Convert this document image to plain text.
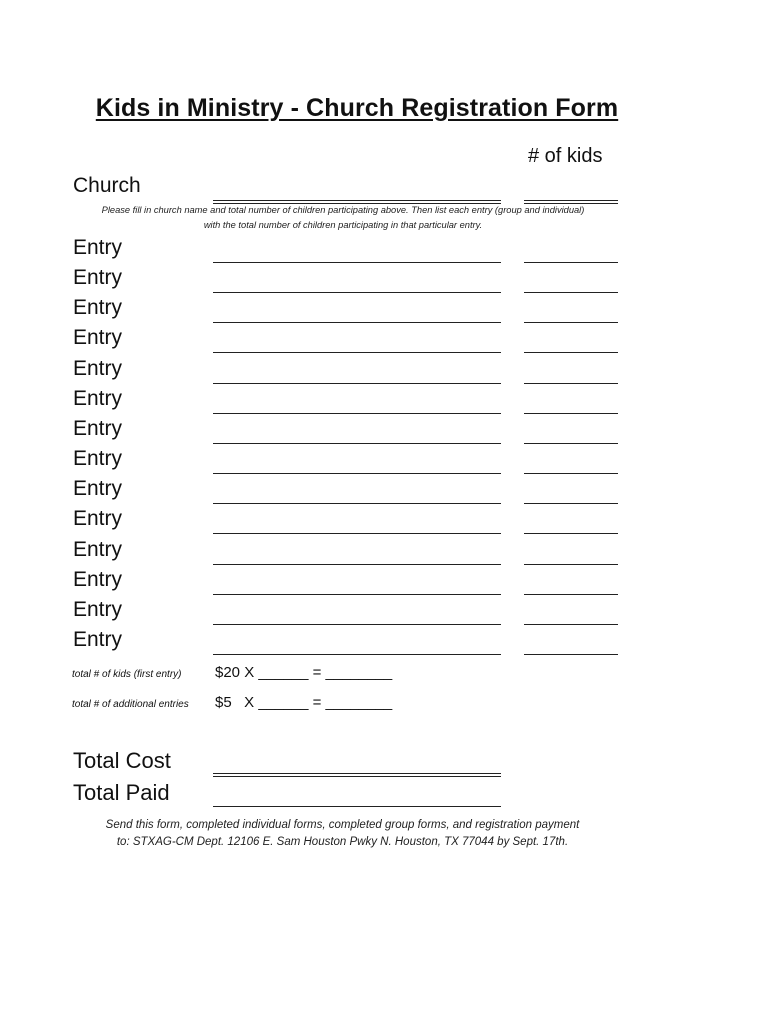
Kids in Ministry - Church Registration Form
# of kids
Church
Please fill in church name and total number of children participating above. Then list each entry (group and individual)
with the total number of children participating in that particular entry.
Entry
Entry
Entry
Entry
Entry
Entry
Entry
Entry
Entry
Entry
Entry
Entry
Entry
Entry
total # of kids (first entry) $20 X ______ = ________
total # of additional entries $5   X ______ = ________
Total Cost
Total Paid
Send this form, completed individual forms, completed group forms, and registration payment
to: STXAG-CM Dept. 12106 E. Sam Houston Pwky N. Houston, TX 77044 by Sept. 17th.
